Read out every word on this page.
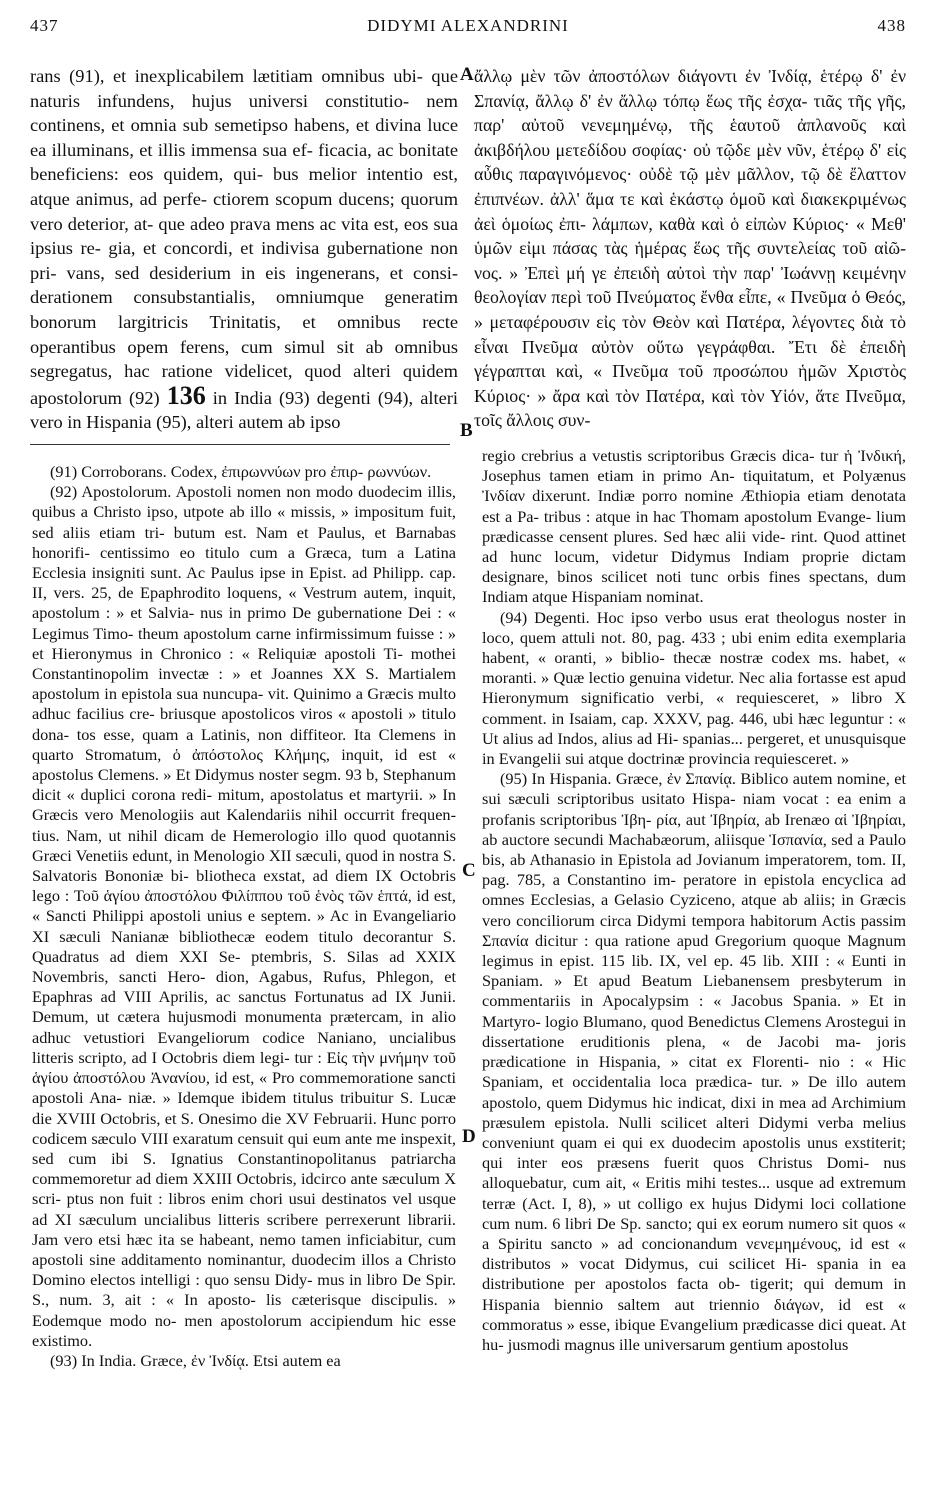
437	DIDYMI ALEXANDRINI	438
rans (91), et inexplicabilem lætitiam omnibus ubi- que naturis infundens, hujus universi constitutio- nem continens, et omnia sub semetipso habens, et divina luce ea illuminans, et illis immensa sua ef- ficacia, ac bonitate beneficiens: eos quidem, qui- bus melior intentio est, atque animus, ad perfe- ctiorem scopum ducens; quorum vero deterior, at- que adeo prava mens ac vita est, eos sua ipsius re- gia, et concordi, et indivisa gubernatione non pri- vans, sed desiderium in eis ingenerans, et consi- derationem consubstantialis, omniumque generatim bonorum largitricis Trinitatis, et omnibus recte operantibus opem ferens, cum simul sit ab omnibus segregatus, hac ratione videlicet, quod alteri quidem apostolorum (92) 136 in India (93) degenti (94), alteri vero in Hispania (95), alteri autem ab ipso
A
B
C
D
ἄλλῳ μὲν τῶν ἀποστόλων διάγοντι ἐν Ἰνδίᾳ, ἑτέρῳ δ' ἐν Σπανίᾳ, ἄλλῳ δ' ἐν ἄλλῳ τόπῳ ἕως τῆς ἐσχα- τιᾶς τῆς γῆς, παρ' αὐτοῦ νενεμημένῳ, τῆς ἑαυτοῦ ἀπλανοῦς καὶ ἀκιβδήλου μετεδίδου σοφίας· οὐ τῷδε μὲν νῦν, ἑτέρῳ δ' εἰς αὖθις παραγινόμενος· οὐδὲ τῷ μὲν μᾶλλον, τῷ δὲ ἔλαττον ἐπιπνέων. ἀλλ' ἅμα τε καὶ ἑκάστῳ ὁμοῦ καὶ διακεκριμένως ἀεὶ ὁμοίως ἐπι- λάμπων, καθὰ καὶ ὁ εἰπὼν Κύριος· « Μεθ' ὑμῶν εἰμι πάσας τὰς ἡμέρας ἕως τῆς συντελείας τοῦ αἰῶ- νος. » Ἐπεὶ μή γε ἐπειδὴ αὐτοὶ τὴν παρ' Ἰωάννῃ κειμένην θεολογίαν περὶ τοῦ Πνεύματος ἔνθα εἶπε, « Πνεῦμα ὁ Θεός, » μεταφέρουσιν εἰς τὸν Θεὸν καὶ Πατέρα, λέγοντες διὰ τὸ εἶναι Πνεῦμα αὐτὸν οὕτω γεγράφθαι. Ἔτι δὲ ἐπειδὴ γέγραπται καὶ, « Πνεῦμα τοῦ προσώπου ἡμῶν Χριστὸς Κύριος· » ἄρα καὶ τὸν Πατέρα, καὶ τὸν Υἱόν, ἅτε Πνεῦμα, τοῖς ἄλλοις συν-

(91) Corroborans. Codex, ἐπιρωννύων pro ἐπιρ- ρωννύων.

(92) Apostolorum. Apostoli nomen non modo duodecim illis, quibus a Christo ipso, utpote ab illo « missis, » impositum fuit, sed aliis etiam tri- butum est. Nam et Paulus, et Barnabas honorifi- centissimo eo titulo cum a Græca, tum a Latina Ecclesia insigniti sunt. Ac Paulus ipse in Epist. ad Philipp. cap. II, vers. 25, de Epaphrodito loquens, « Vestrum autem, inquit, apostolum : » et Salvia- nus in primo De gubernatione Dei : « Legimus Timo- theum apostolum carne infirmissimum fuisse : » et Hieronymus in Chronico : « Reliquiæ apostoli Ti- mothei Constantinopolim invectæ : » et Joannes XX S. Martialem apostolum in epistola sua nuncupa- vit. Quinimo a Græcis multo adhuc facilius cre- briusque apostolicos viros « apostoli » titulo donа- tos esse, quam a Latinis, non diffiteor. Ita Clemens in quarto Stromatum, ὁ ἀπόστολος Κλήμης, inquit, id est « apostolus Clemens. » Et Didymus noster segm. 93 b, Stephanum dicit « duplici corona redi- mitum, apostolatus et martyrii. » In Græcis vero Menologiis aut Kalendariis nihil occurrit frequen- tius. Nam, ut nihil dicam de Hemerologio illo quod quotannis Græci Venetiis edunt, in Menologio XII sæculi, quod in nostra S. Salvatoris Bononiæ bi- bliotheca exstat, ad diem IX Octobris lego : Τοῦ ἁγίου ἀποστόλου Φιλίππου τοῦ ἑνὸς τῶν ἑπτά, id est, « Sancti Philippi apostoli unius e septem. » Ac in Evangeliario XI sæculi Nanianæ bibliothecæ eodem titulo decorantur S. Quadratus ad diem XXI Se- ptembris, S. Silas ad XXIX Novembris, sancti Hero- dion, Agabus, Rufus, Phlegon, et Epaphras ad VIII Aprilis, ac sanctus Fortunatus ad IX Junii. Demum, ut cætera hujusmodi monumenta prætercam, in alio adhuc vetustiori Evangeliorum codice Naniano, uncialibus litteris scripto, ad I Octobris diem legi- tur : Εἰς τὴν μνήμην τοῦ ἁγίου ἀποστόλου Ἀνανίου, id est, « Pro commemoratione sancti apostoli Ana- niæ. » Idemque ibidem titulus tribuitur S. Lucæ die XVIII Octobris, et S. Onesimo die XV Februarii. Hunc porro codicem sæculo VIII exaratum censuit qui eum ante me inspexit, sed cum ibi S. Ignatius Constantinopolitanus patriarcha commemoretur ad diem XXIII Octobris, idcirco ante sæculum X scri- ptus non fuit : libros enim chori usui destinatos vel usque ad XI sæculum uncialibus litteris scribere perrexerunt librarii. Jam vero etsi hæc ita se habeant, nemo tamen inficiabitur, cum apostoli sine additamento nominantur, duodecim illos a Christo Domino electos intelligi : quo sensu Didy- mus in libro De Spir. S., num. 3, ait : « In aposto- lis cæterisque discipulis. » Eodemque modo no- men apostolorum accipiendum hic esse existimo.

(93) In India. Græce, ἐν Ἰνδίᾳ. Etsi autem ea

regio crebrius a vetustis scriptoribus Græcis dica- tur ἡ Ἰνδική, Josephus tamen etiam in primo An- tiquitatum, et Polyænus Ἰνδίαν dixerunt. Indiæ porro nomine Æthiopia etiam denotata est a Pa- tribus : atque in hac Thomam apostolum Evange- lium prædicasse censent plures. Sed hæc alii vide- rint. Quod attinet ad hunc locum, videtur Didymus Indiam proprie dictam designare, binos scilicet noti tunc orbis fines spectans, dum Indiam atque Hispaniam nominat.

(94) Degenti. Hoc ipso verbo usus erat theologus noster in loco, quem attuli not. 80, pag. 433 ; ubi enim edita exemplaria habent, « oranti, » biblio- thecæ nostræ codex ms. habet, « moranti. » Quæ lectio genuina videtur. Nec alia fortasse est apud Hieronymum significatio verbi, « requiesceret, » libro X comment. in Isaiam, cap. XXXV, pag. 446, ubi hæc leguntur : « Ut alius ad Indos, alius ad Hi- spanias... pergeret, et unusquisque in Evangelii sui atque doctrinæ provincia requiesceret. »

(95) In Hispania. Græce, ἐν Σπανίᾳ. Biblico autem nomine, et sui sæculi scriptoribus usitato Hispa- niam vocat : ea enim a profanis scriptoribus Ἰβη- ρία, aut Ἰβηρία, ab Irenæo αἱ Ἰβηρίαι, ab auctore secundi Machabæorum, aliisque Ἱσπανία, sed a Paulo bis, ab Athanasio in Epistola ad Jovianum imperatorem, tom. II, pag. 785, a Constantino im- peratore in epistola encyclica ad omnes Ecclesias, a Gelasio Cyziceno, atque ab aliis; in Græcis vero conciliorum circa Didymi tempora habitorum Actis passim Σπανία dicitur : qua ratione apud Gregorium quoque Magnum legimus in epist. 115 lib. IX, vel ep. 45 lib. XIII : « Eunti in Spaniam. » Et apud Beatum Liebanensem presbyterum in commentariis in Apocalypsim : « Jacobus Spania. » Et in Martyro- logio Blumano, quod Benedictus Clemens Arostegui in dissertatione eruditionis plena, « de Jacobi ma- joris prædicatione in Hispania, » citat ex Florenti- nio : « Hic Spaniam, et occidentalia loca prædica- tur. » De illo autem apostolo, quem Didymus hic indicat, dixi in mea ad Archimium præsulem epistola. Nulli scilicet alteri Didymi verba melius conveniunt quam ei qui ex duodecim apostolis unus exstiterit; qui inter eos præsens fuerit quos Christus Domi- nus alloquebatur, cum ait, « Eritis mihi testes... usque ad extremum terræ (Act. I, 8), » ut colligo ex hujus Didymi loci collatione cum num. 6 libri De Sp. sancto; qui ex eorum numero sit quos « a Spiritu sancto » ad concionandum νενεμημένους, id est « distributos » vocat Didymus, cui scilicet Hi- spania in ea distributione per apostolos facta ob- tigerit; qui demum in Hispania biennio saltem aut triennio διάγων, id est « commoratus » esse, ibique Evangelium prædicasse dici queat. At hu- jusmodi magnus ille universarum gentium apostolus
